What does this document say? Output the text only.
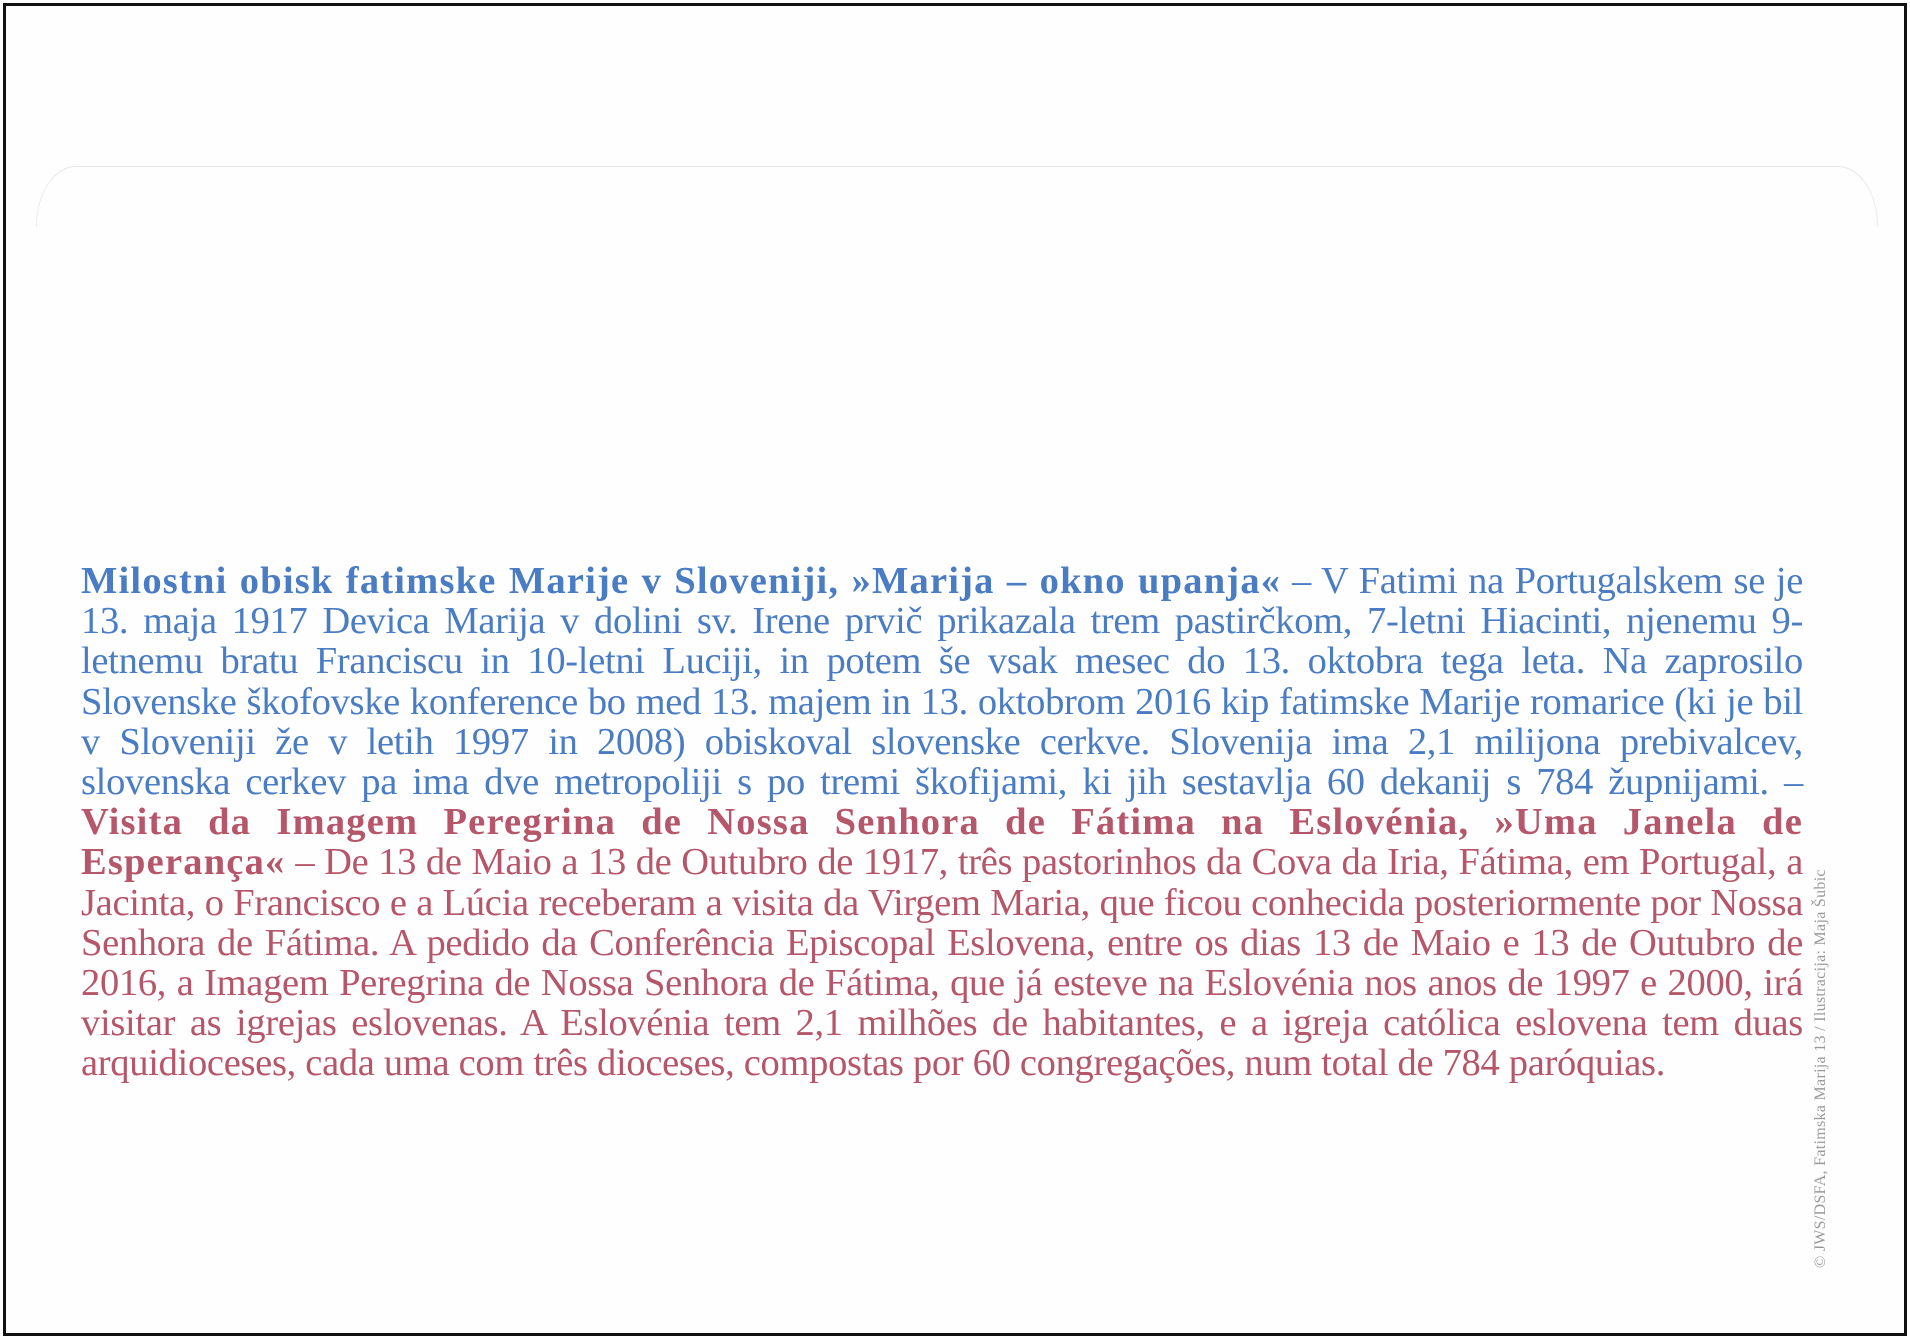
Milostni obisk fatimske Marije v Sloveniji, »Marija – okno upanja« – V Fatimi na Portugalskem se je 13. maja 1917 Devica Marija v dolini sv. Irene prvič prikazala trem pastirčkom, 7-letni Hiacinti, njenemu 9-letnemu bratu Franciscu in 10-letni Luciji, in potem še vsak mesec do 13. oktobra tega leta. Na zaprosilo Slovenske škofovske konference bo med 13. majem in 13. oktobrom 2016 kip fatimske Marije romarice (ki je bil v Sloveniji že v letih 1997 in 2008) obiskoval slovenske cerkve. Slovenija ima 2,1 milijona prebivalcev, slovenska cerkev pa ima dve metropoliji s po tremi škofijami, ki jih sestavlja 60 dekanij s 784 župnijami. – Visita da Imagem Peregrina de Nossa Senhora de Fátima na Eslovénia, »Uma Janela de Esperança« – De 13 de Maio a 13 de Outubro de 1917, três pastorinhos da Cova da Iria, Fátima, em Portugal, a Jacinta, o Francisco e a Lúcia receberam a visita da Virgem Maria, que ficou conhecida posteriormente por Nossa Senhora de Fátima. A pedido da Conferência Episcopal Eslovena, entre os dias 13 de Maio e 13 de Outubro de 2016, a Imagem Peregrina de Nossa Senhora de Fátima, que já esteve na Eslovénia nos anos de 1997 e 2000, irá visitar as igrejas eslovenas. A Eslovénia tem 2,1 milhões de habitantes, e a igreja católica eslovena tem duas arquidioceses, cada uma com três dioceses, compostas por 60 congregações, num total de 784 paróquias.	© JWS/DSFA, Fatimska Marija 13 / Ilustracija: Maja Šubic
